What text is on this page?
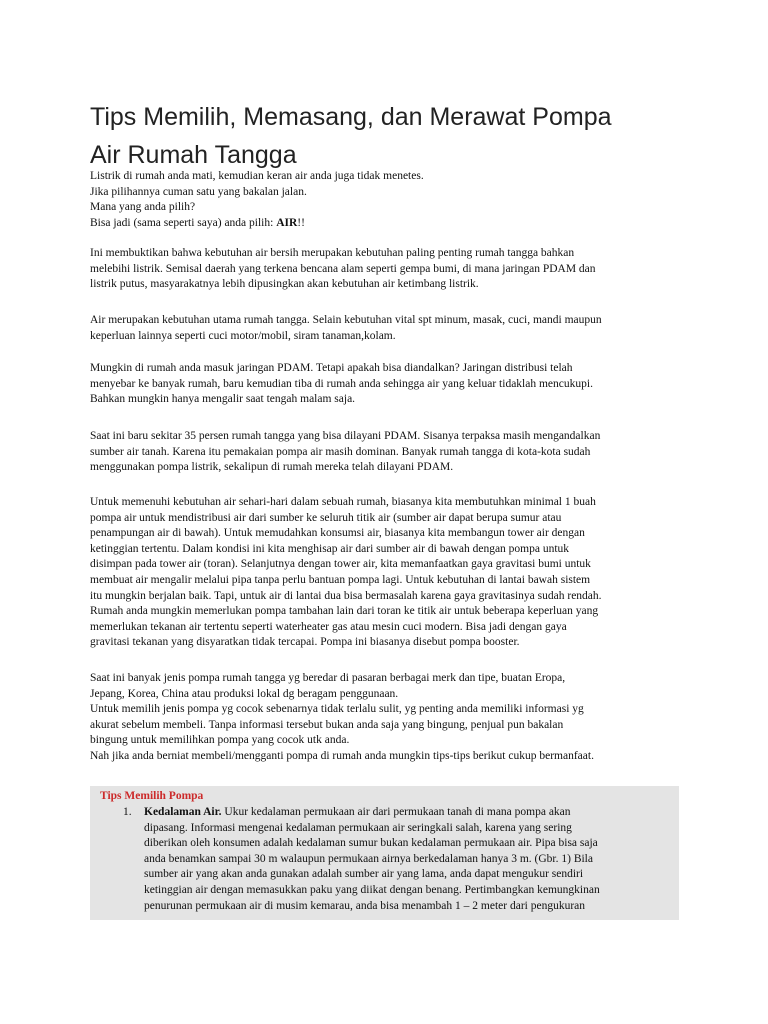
Tips Memilih, Memasang, dan Merawat Pompa
Air Rumah Tangga
Listrik di rumah anda mati, kemudian keran air anda juga tidak menetes.
Jika pilihannya cuman satu yang bakalan jalan.
Mana yang anda pilih?
Bisa jadi (sama seperti saya) anda pilih: AIR!!
Ini membuktikan bahwa kebutuhan air bersih merupakan kebutuhan paling penting rumah tangga bahkan
melebihi listrik. Semisal daerah yang terkena bencana alam seperti gempa bumi, di mana jaringan PDAM dan
listrik putus, masyarakatnya lebih dipusingkan akan kebutuhan air ketimbang listrik.
Air merupakan kebutuhan utama rumah tangga. Selain kebutuhan vital spt minum, masak, cuci, mandi maupun
keperluan lainnya seperti cuci motor/mobil, siram tanaman,kolam.
Mungkin di rumah anda masuk jaringan PDAM. Tetapi apakah bisa diandalkan? Jaringan distribusi telah
menyebar ke banyak rumah, baru kemudian tiba di rumah anda sehingga air yang keluar tidaklah mencukupi.
Bahkan mungkin hanya mengalir saat tengah malam saja.
Saat ini baru sekitar 35 persen rumah tangga yang bisa dilayani PDAM. Sisanya terpaksa masih mengandalkan
sumber air tanah. Karena itu pemakaian pompa air masih dominan. Banyak rumah tangga di kota-kota sudah
menggunakan pompa listrik, sekalipun di rumah mereka telah dilayani PDAM.
Untuk memenuhi kebutuhan air sehari-hari dalam sebuah rumah, biasanya kita membutuhkan minimal 1 buah
pompa air untuk mendistribusi air dari sumber ke seluruh titik air (sumber air dapat berupa sumur atau
penampungan air di bawah). Untuk memudahkan konsumsi air, biasanya kita membangun tower air dengan
ketinggian tertentu. Dalam kondisi ini kita menghisap air dari sumber air di bawah dengan pompa untuk
disimpan pada tower air (toran). Selanjutnya dengan tower air, kita memanfaatkan gaya gravitasi bumi untuk
membuat air mengalir melalui pipa tanpa perlu bantuan pompa lagi. Untuk kebutuhan di lantai bawah sistem
itu mungkin berjalan baik. Tapi, untuk air di lantai dua bisa bermasalah karena gaya gravitasinya sudah rendah.
Rumah anda mungkin memerlukan pompa tambahan lain dari toran ke titik air untuk beberapa keperluan yang
memerlukan tekanan air tertentu seperti waterheater gas atau mesin cuci modern. Bisa jadi dengan gaya
gravitasi tekanan yang disyaratkan tidak tercapai. Pompa ini biasanya disebut pompa booster.
Saat ini banyak jenis pompa rumah tangga yg beredar di pasaran berbagai merk dan tipe, buatan Eropa,
Jepang, Korea, China atau produksi lokal dg beragam penggunaan.
Untuk memilih jenis pompa yg cocok sebenarnya tidak terlalu sulit, yg penting anda memiliki informasi yg
akurat sebelum membeli. Tanpa informasi tersebut bukan anda saja yang bingung, penjual pun bakalan
bingung untuk memilihkan pompa yang cocok utk anda.
Nah jika anda berniat membeli/mengganti pompa di rumah anda mungkin tips-tips berikut cukup bermanfaat.
Tips Memilih Pompa
1. Kedalaman Air. Ukur kedalaman permukaan air dari permukaan tanah di mana pompa akan
dipasang. Informasi mengenai kedalaman permukaan air seringkali salah, karena yang sering
diberikan oleh konsumen adalah kedalaman sumur bukan kedalaman permukaan air. Pipa bisa saja
anda benamkan sampai 30 m walaupun permukaan airnya berkedalaman hanya 3 m. (Gbr. 1) Bila
sumber air yang akan anda gunakan adalah sumber air yang lama, anda dapat mengukur sendiri
ketinggian air dengan memasukkan paku yang diikat dengan benang. Pertimbangkan kemungkinan
penurunan permukaan air di musim kemarau, anda bisa menambah 1 – 2 meter dari pengukuran
